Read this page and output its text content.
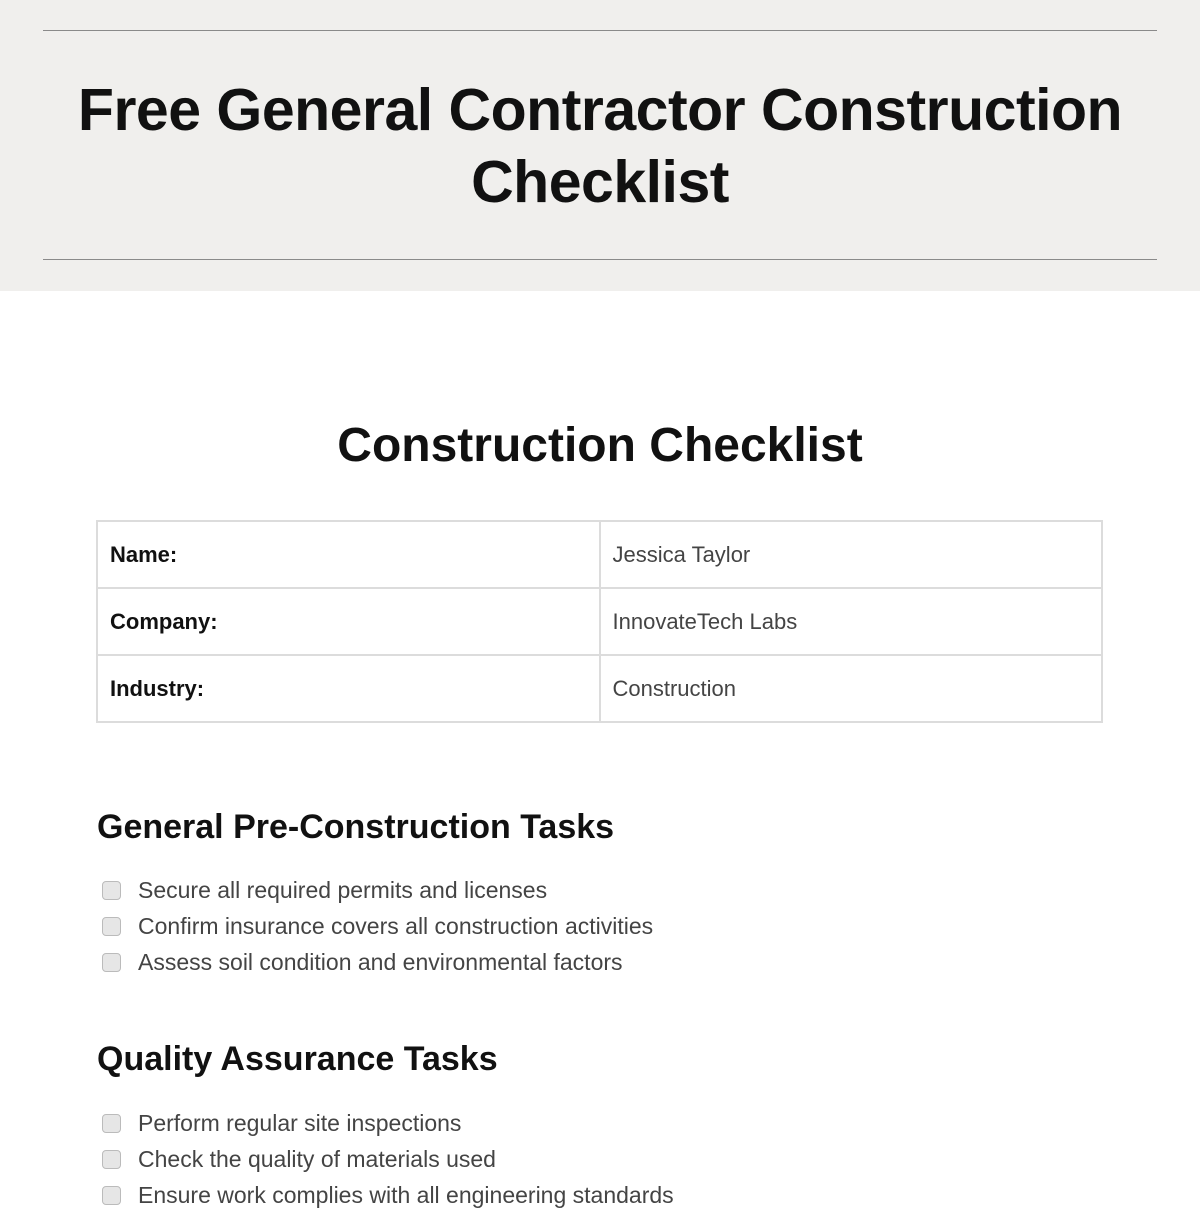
Free General Contractor Construction
Checklist
Construction Checklist
Name:	Jessica Taylor
Company:	InnovateTech Labs
Industry:	Construction
General Pre-Construction Tasks
Secure all required permits and licenses
Confirm insurance covers all construction activities
Assess soil condition and environmental factors
Quality Assurance Tasks
Perform regular site inspections
Check the quality of materials used
Ensure work complies with all engineering standards
